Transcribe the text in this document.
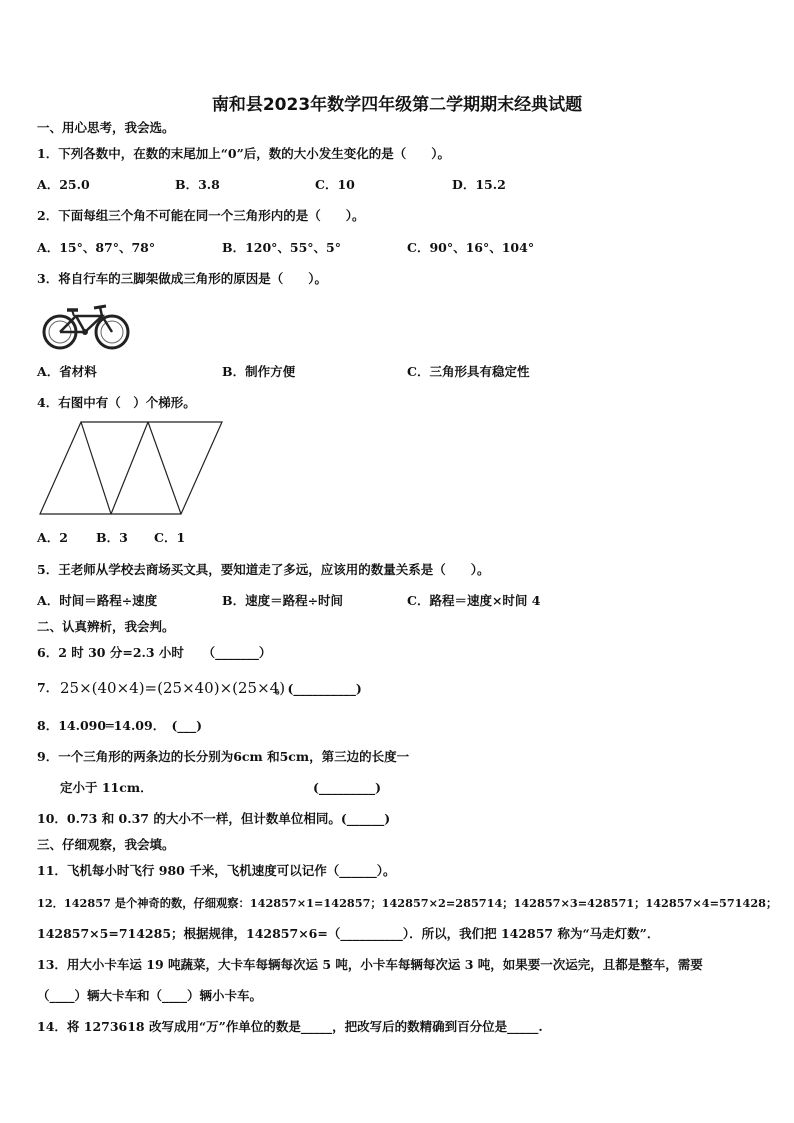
南和县2023年数学四年级第二学期期末经典试题
一、用心思考，我会选。
1．下列各数中，在数的末尾加上“0”后，数的大小发生变化的是（　　）。
A．25.0	B．3.8	C．10	D．15.2
2．下面每组三个角不可能在同一个三角形内的是（　　）。
A．15°、87°、78°	B．120°、55°、5°	C．90°、16°、104°
3．将自行车的三脚架做成三角形的原因是（　　）。
A．省材料	B．制作方便	C．三角形具有稳定性
4．右图中有（　）个梯形。
A．2 B．3 C．1
5．王老师从学校去商场买文具，要知道走了多远，应该用的数量关系是（　　）。
A．时间＝路程÷速度	B．速度＝路程÷时间	C．路程＝速度×时间 4
二、认真辨析，我会判。
6．2 时 30 分=2.3 小时　　（_______）
7． 25×(40×4)=(25×40)×(25×4)
。(__________)
8．14.090═14.09．　(___)
9．一个三角形的两条边的长分别为6cm 和5cm，第三边的长度一
定小于 11cm．	(_________)
10．0.73 和 0.37 的大小不一样，但计数单位相同。(______)
三、仔细观察，我会填。
11．飞机每小时飞行 980 千米，飞机速度可以记作（______）。
12．142857 是个神奇的数，仔细观察：142857×1=142857；142857×2=285714；142857×3=428571；142857×4=571428；
142857×5=714285；根据规律，142857×6=（__________）．所以，我们把 142857 称为“马走灯数”．
13．用大小卡车运 19 吨蔬菜，大卡车每辆每次运 5 吨，小卡车每辆每次运 3 吨，如果要一次运完，且都是整车，需要
（____）辆大卡车和（____）辆小卡车。
14．将 1273618 改写成用“万”作单位的数是_____，把改写后的数精确到百分位是_____.
